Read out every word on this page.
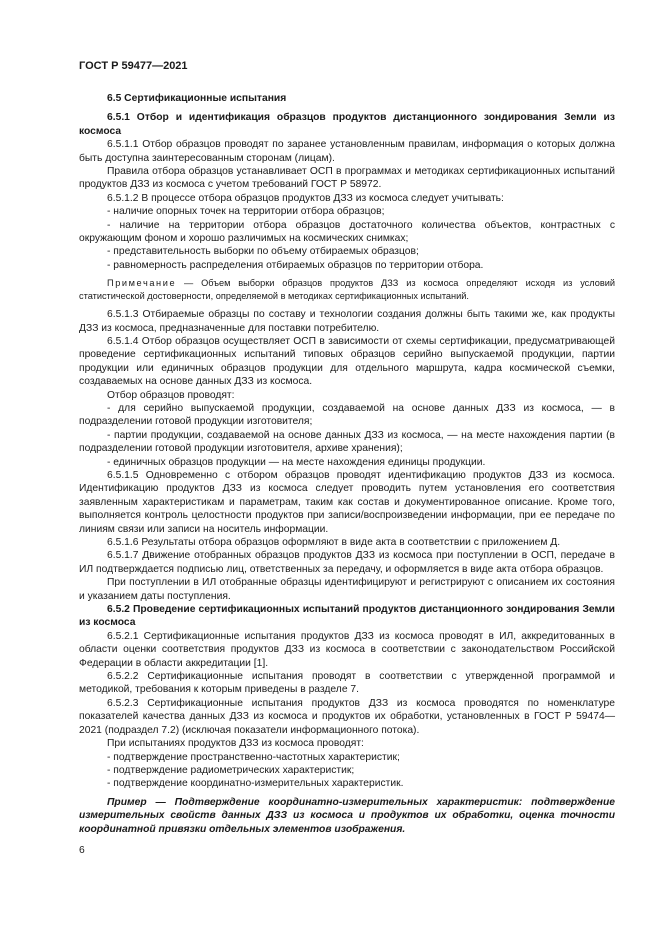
ГОСТ Р 59477—2021

6.5 Сертификационные испытания

6.5.1 Отбор и идентификация образцов продуктов дистанционного зондирования Земли из космоса

6.5.1.1 Отбор образцов проводят по заранее установленным правилам, информация о которых должна быть доступна заинтересованным сторонам (лицам).

Правила отбора образцов устанавливает ОСП в программах и методиках сертификационных испытаний продуктов ДЗЗ из космоса с учетом требований ГОСТ Р 58972.

6.5.1.2 В процессе отбора образцов продуктов ДЗЗ из космоса следует учитывать:

- наличие опорных точек на территории отбора образцов;

- наличие на территории отбора образцов достаточного количества объектов, контрастных с окружающим фоном и хорошо различимых на космических снимках;

- представительность выборки по объему отбираемых образцов;

- равномерность распределения отбираемых образцов по территории отбора.

Примечание — Объем выборки образцов продуктов ДЗЗ из космоса определяют исходя из условий статистической достоверности, определяемой в методиках сертификационных испытаний.

6.5.1.3 Отбираемые образцы по составу и технологии создания должны быть такими же, как продукты ДЗЗ из космоса, предназначенные для поставки потребителю.

6.5.1.4 Отбор образцов осуществляет ОСП в зависимости от схемы сертификации, предусматривающей проведение сертификационных испытаний типовых образцов серийно выпускаемой продукции, партии продукции или единичных образцов продукции для отдельного маршрута, кадра космической съемки, создаваемых на основе данных ДЗЗ из космоса.

Отбор образцов проводят:

- для серийно выпускаемой продукции, создаваемой на основе данных ДЗЗ из космоса, — в подразделении готовой продукции изготовителя;

- партии продукции, создаваемой на основе данных ДЗЗ из космоса, — на месте нахождения партии (в подразделении готовой продукции изготовителя, архиве хранения);

- единичных образцов продукции — на месте нахождения единицы продукции.

6.5.1.5 Одновременно с отбором образцов проводят идентификацию продуктов ДЗЗ из космоса. Идентификацию продуктов ДЗЗ из космоса следует проводить путем установления его соответствия заявленным характеристикам и параметрам, таким как состав и документированное описание. Кроме того, выполняется контроль целостности продуктов при записи/воспроизведении информации, при ее передаче по линиям связи или записи на носитель информации.

6.5.1.6 Результаты отбора образцов оформляют в виде акта в соответствии с приложением Д.

6.5.1.7 Движение отобранных образцов продуктов ДЗЗ из космоса при поступлении в ОСП, передаче в ИЛ подтверждается подписью лиц, ответственных за передачу, и оформляется в виде акта отбора образцов.

При поступлении в ИЛ отобранные образцы идентифицируют и регистрируют с описанием их состояния и указанием даты поступления.

6.5.2 Проведение сертификационных испытаний продуктов дистанционного зондирования Земли из космоса

6.5.2.1 Сертификационные испытания продуктов ДЗЗ из космоса проводят в ИЛ, аккредитованных в области оценки соответствия продуктов ДЗЗ из космоса в соответствии с законодательством Российской Федерации в области аккредитации [1].

6.5.2.2 Сертификационные испытания проводят в соответствии с утвержденной программой и методикой, требования к которым приведены в разделе 7.

6.5.2.3 Сертификационные испытания продуктов ДЗЗ из космоса проводятся по номенклатуре показателей качества данных ДЗЗ из космоса и продуктов их обработки, установленных в ГОСТ Р 59474—2021 (подраздел 7.2) (исключая показатели информационного потока).

При испытаниях продуктов ДЗЗ из космоса проводят:

- подтверждение пространственно-частотных характеристик;

- подтверждение радиометрических характеристик;

- подтверждение координатно-измерительных характеристик.

Пример — Подтверждение координатно-измерительных характеристик: подтверждение измерительных свойств данных ДЗЗ из космоса и продуктов их обработки, оценка точности координатной привязки отдельных элементов изображения.

6
